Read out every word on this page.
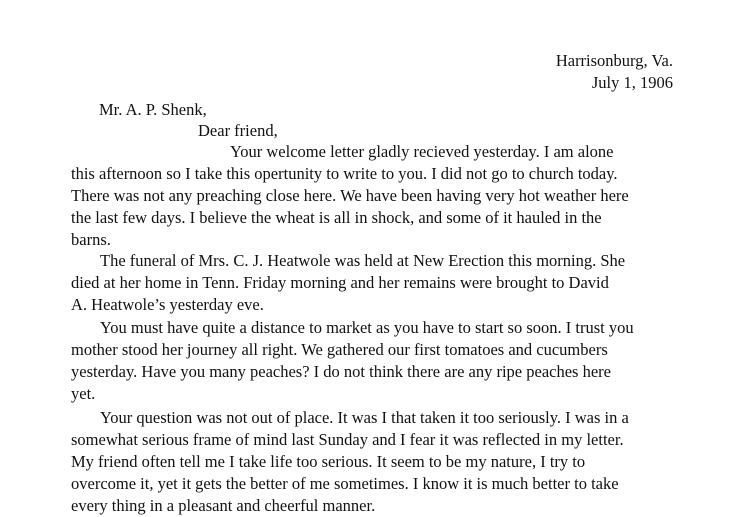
Harrisonburg, Va.
July 1, 1906
Mr. A. P. Shenk,
Dear friend,
Your welcome letter gladly recieved yesterday. I am alone
this afternoon so I take this opertunity to write to you. I did not go to church today.
There was not any preaching close here. We have been having very hot weather here
the last few days. I believe the wheat is all in shock, and some of it hauled in the
barns.
The funeral of Mrs. C. J. Heatwole was held at New Erection this morning. She
died at her home in Tenn. Friday morning and her remains were brought to David
A. Heatwole’s yesterday eve.
You must have quite a distance to market as you have to start so soon. I trust you
mother stood her journey all right. We gathered our first tomatoes and cucumbers
yesterday. Have you many peaches? I do not think there are any ripe peaches here
yet.
Your question was not out of place. It was I that taken it too seriously. I was in a
somewhat serious frame of mind last Sunday and I fear it was reflected in my letter.
My friend often tell me I take life too serious. It seem to be my nature, I try to
overcome it, yet it gets the better of me sometimes. I know it is much better to take
every thing in a pleasant and cheerful manner.
